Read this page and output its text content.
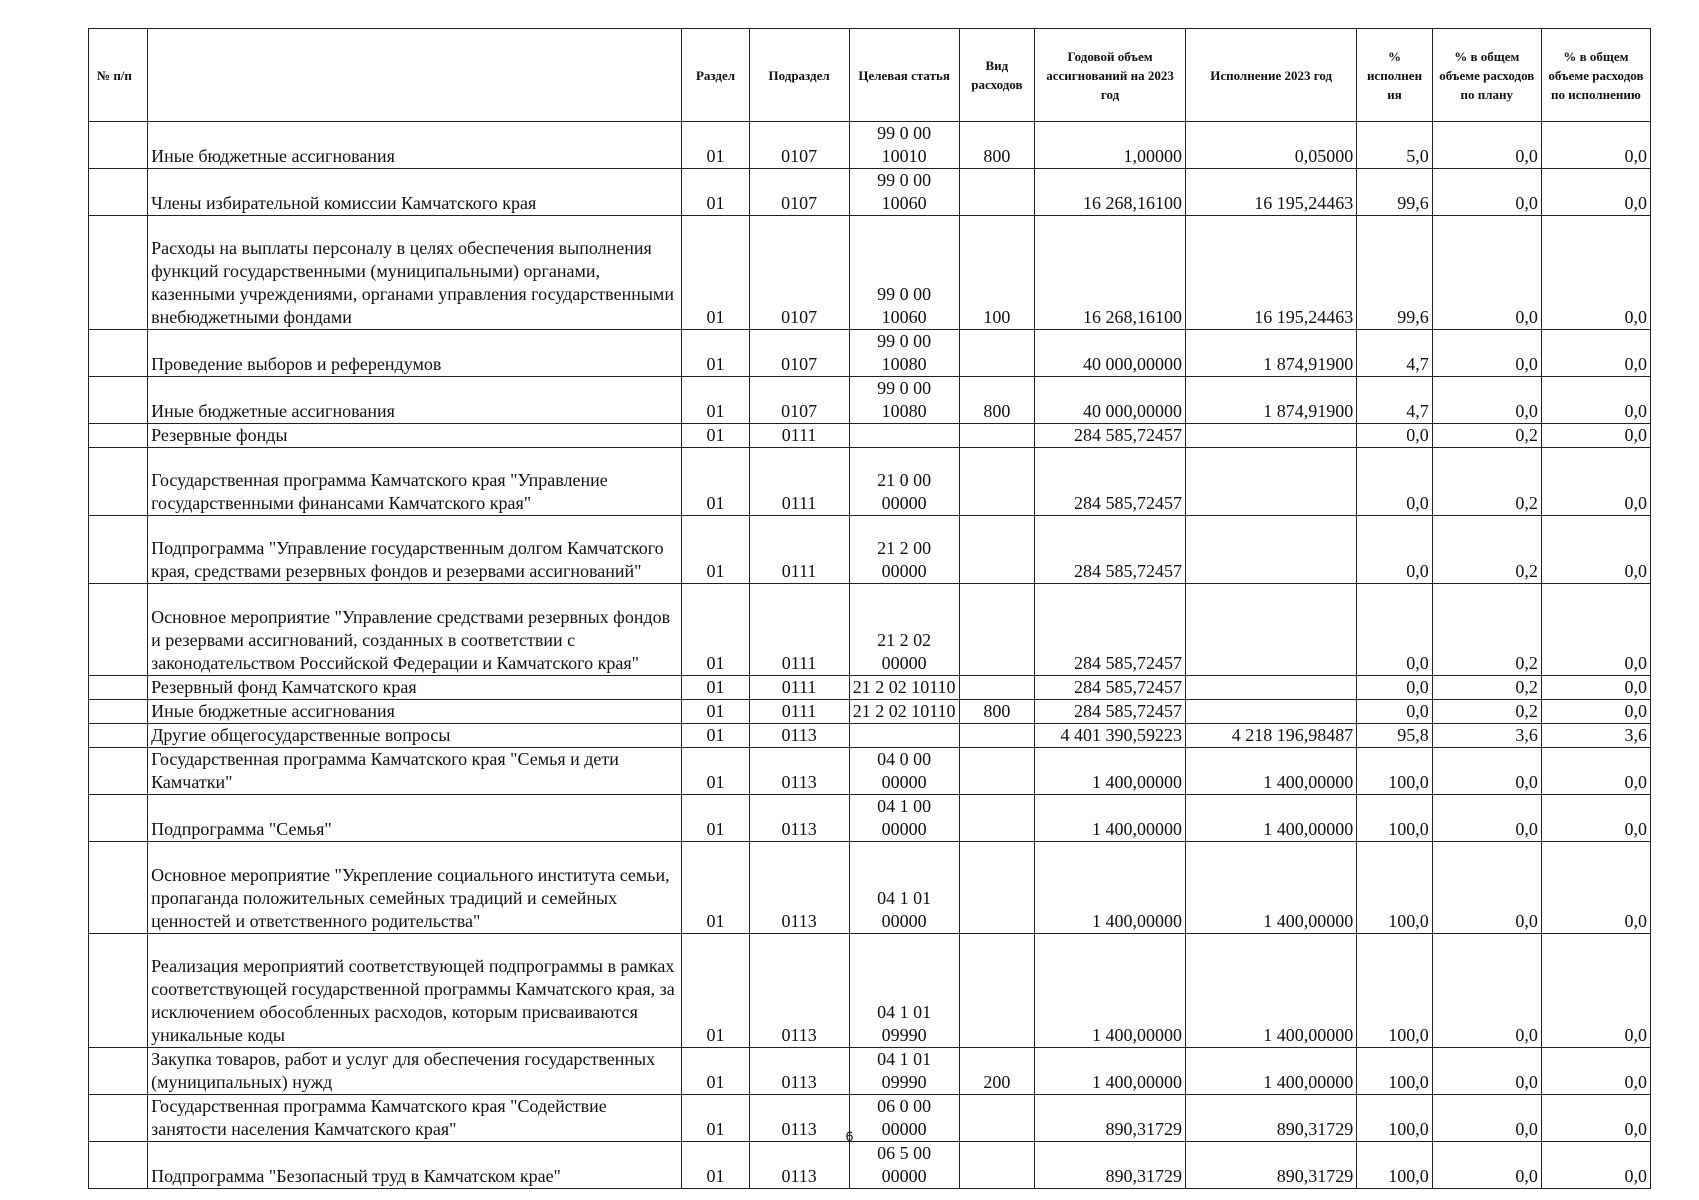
№ п/п		Раздел	Подраздел	Целевая статья	Вид расходов	Годовой объем ассигнований на 2023 год	Исполнение 2023 год	% исполнен ия	% в общем объеме расходов по плану	% в общем объеме расходов по исполнению
	Иные бюджетные ассигнования	01	0107	99 0 00 10010	800	1,00000	0,05000	5,0	0,0	0,0
	Члены избирательной комиссии Камчатского края	01	0107	99 0 00 10060		16 268,16100	16 195,24463	99,6	0,0	0,0
	Расходы на выплаты персоналу в целях обеспечения выполнения функций государственными (муниципальными) органами, казенными учреждениями, органами управления государственными внебюджетными фондами	01	0107	99 0 00 10060	100	16 268,16100	16 195,24463	99,6	0,0	0,0
	Проведение выборов и референдумов	01	0107	99 0 00 10080		40 000,00000	1 874,91900	4,7	0,0	0,0
	Иные бюджетные ассигнования	01	0107	99 0 00 10080	800	40 000,00000	1 874,91900	4,7	0,0	0,0
	Резервные фонды	01	0111			284 585,72457		0,0	0,2	0,0
	Государственная программа Камчатского края "Управление государственными финансами Камчатского края"	01	0111	21 0 00 00000		284 585,72457		0,0	0,2	0,0
	Подпрограмма "Управление государственным долгом Камчатского края, средствами резервных фондов и резервами ассигнований"	01	0111	21 2 00 00000		284 585,72457		0,0	0,2	0,0
	Основное мероприятие "Управление средствами резервных фондов и резервами ассигнований, созданных в соответствии с законодательством Российской Федерации и Камчатского края"	01	0111	21 2 02 00000		284 585,72457		0,0	0,2	0,0
	Резервный фонд Камчатского края	01	0111	21 2 02 10110		284 585,72457		0,0	0,2	0,0
	Иные бюджетные ассигнования	01	0111	21 2 02 10110	800	284 585,72457		0,0	0,2	0,0
	Другие общегосударственные вопросы	01	0113			4 401 390,59223	4 218 196,98487	95,8	3,6	3,6
	Государственная программа Камчатского края "Семья и дети Камчатки"	01	0113	04 0 00 00000		1 400,00000	1 400,00000	100,0	0,0	0,0
	Подпрограмма "Семья"	01	0113	04 1 00 00000		1 400,00000	1 400,00000	100,0	0,0	0,0
	Основное мероприятие "Укрепление социального института семьи, пропаганда положительных семейных традиций и семейных ценностей и ответственного родительства"	01	0113	04 1 01 00000		1 400,00000	1 400,00000	100,0	0,0	0,0
	Реализация мероприятий соответствующей подпрограммы в рамках соответствующей государственной программы Камчатского края, за исключением обособленных расходов, которым присваиваются уникальные коды	01	0113	04 1 01 09990		1 400,00000	1 400,00000	100,0	0,0	0,0
	Закупка товаров, работ и услуг для обеспечения государственных (муниципальных) нужд	01	0113	04 1 01 09990	200	1 400,00000	1 400,00000	100,0	0,0	0,0
	Государственная программа Камчатского края "Содействие занятости населения Камчатского края"	01	0113	06 0 00 00000		890,31729	890,31729	100,0	0,0	0,0
	Подпрограмма "Безопасный труд в Камчатском крае"	01	0113	06 5 00 00000		890,31729	890,31729	100,0	0,0	0,0
6
